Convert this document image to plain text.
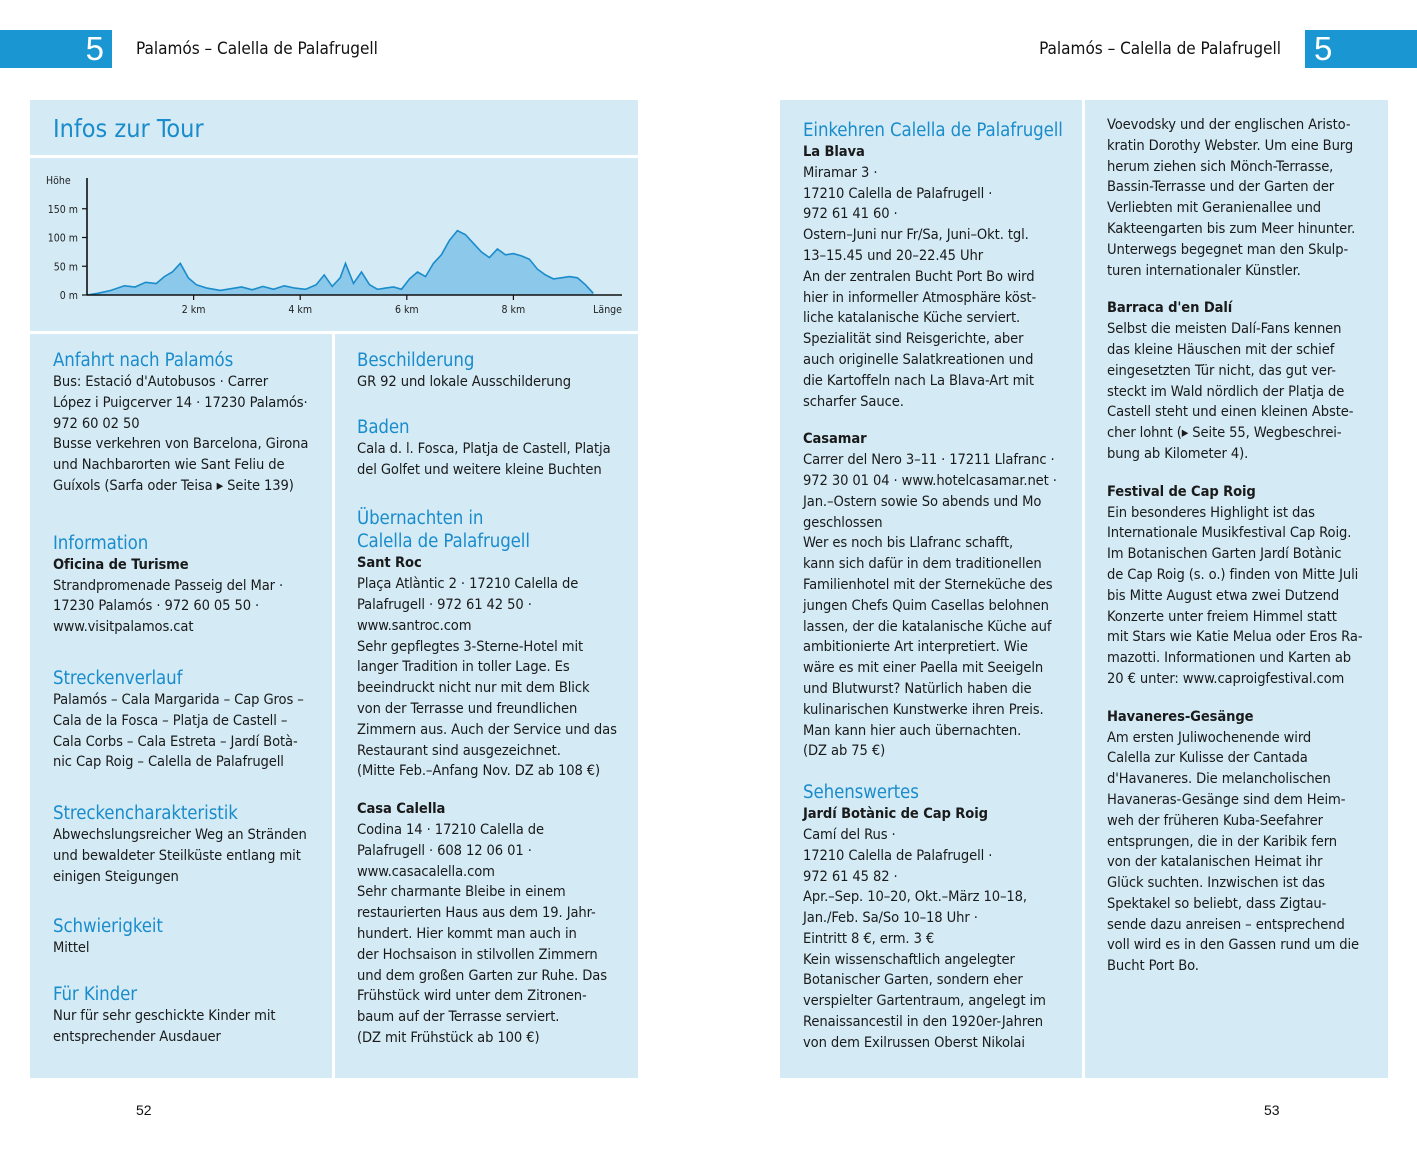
5	Palamós – Calella de Palafrugell	Palamós – Calella de Palafrugell 5
Infos zur Tour
150 m
100 m
50 m
0 m
2 km	4 km	6 km	8 km
Höhe
Länge

Anfahrt nach Palamós

Bus: Estació d'Autobusos · Carrer

López i Puigcerver 14 · 17230 Palamós·

972 60 02 50

Busse verkehren von Barcelona, Girona

und Nachbarorten wie Sant Feliu de

Guíxols (Sarfa oder Teisa ▸ Seite 139)

Information

Oficina de Turisme

Strandpromenade Passeig del Mar ·

17230 Palamós · 972 60 05 50 ·

www.visitpalamos.cat

Streckenverlauf

Palamós – Cala Margarida – Cap Gros –

Cala de la Fosca – Platja de Castell –

Cala Corbs – Cala Estreta – Jardí Botà-

nic Cap Roig – Calella de Palafrugell

Streckencharakteristik

Abwechslungsreicher Weg an Stränden

und bewaldeter Steilküste entlang mit

einigen Steigungen

Schwierigkeit

Mittel

Für Kinder

Nur für sehr geschickte Kinder mit

entsprechender Ausdauer

Beschilderung

GR 92 und lokale Ausschilderung

Baden

Cala d. l. Fosca, Platja de Castell, Platja

del Golfet und weitere kleine Buchten

Übernachten in

Calella de Palafrugell

Sant Roc

Plaça Atlàntic 2 · 17210 Calella de

Palafrugell · 972 61 42 50 ·

www.santroc.com

Sehr gepflegtes 3-Sterne-Hotel mit

langer Tradition in toller Lage. Es

beeindruckt nicht nur mit dem Blick

von der Terrasse und freundlichen

Zimmern aus. Auch der Service und das

Restaurant sind ausgezeichnet.

(Mitte Feb.–Anfang Nov. DZ ab 108 €)

Casa Calella

Codina 14 · 17210 Calella de

Palafrugell · 608 12 06 01 ·

www.casacalella.com

Sehr charmante Bleibe in einem

restaurierten Haus aus dem 19. Jahr-

hundert. Hier kommt man auch in

der Hochsaison in stilvollen Zimmern

und dem großen Garten zur Ruhe. Das

Frühstück wird unter dem Zitronen-

baum auf der Terrasse serviert.

(DZ mit Frühstück ab 100 €)

52

Einkehren Calella de Palafrugell

La Blava

Miramar 3 ·

17210 Calella de Palafrugell ·

972 61 41 60 ·

Ostern–Juni nur Fr/Sa, Juni–Okt. tgl.

13–15.45 und 20–22.45 Uhr

An der zentralen Bucht Port Bo wird

hier in informeller Atmosphäre köst-

liche katalanische Küche serviert.

Spezialität sind Reisgerichte, aber

auch originelle Salatkreationen und

die Kartoffeln nach La Blava-Art mit

scharfer Sauce.

Casamar

Carrer del Nero 3–11 · 17211 Llafranc ·

972 30 01 04 · www.hotelcasamar.net ·

Jan.–Ostern sowie So abends und Mo

geschlossen

Wer es noch bis Llafranc schafft,

kann sich dafür in dem traditionellen

Familienhotel mit der Sterneküche des

jungen Chefs Quim Casellas belohnen

lassen, der die katalanische Küche auf

ambitionierte Art interpretiert. Wie

wäre es mit einer Paella mit Seeigeln

und Blutwurst? Natürlich haben die

kulinarischen Kunstwerke ihren Preis.

Man kann hier auch übernachten.

(DZ ab 75 €)

Sehenswertes

Jardí Botànic de Cap Roig

Camí del Rus ·

17210 Calella de Palafrugell ·

972 61 45 82 ·

Apr.–Sep. 10–20, Okt.–März 10–18,

Jan./Feb. Sa/So 10–18 Uhr ·

Eintritt 8 €, erm. 3 €

Kein wissenschaftlich angelegter

Botanischer Garten, sondern eher

verspielter Gartentraum, angelegt im

Renaissancestil in den 1920er-Jahren

von dem Exilrussen Oberst Nikolai

Voevodsky und der englischen Aristo-

kratin Dorothy Webster. Um eine Burg

herum ziehen sich Mönch-Terrasse,

Bassin-Terrasse und der Garten der

Verliebten mit Geranienallee und

Kakteengarten bis zum Meer hinunter.

Unterwegs begegnet man den Skulp-

turen internationaler Künstler.

Barraca d'en Dalí

Selbst die meisten Dalí-Fans kennen

das kleine Häuschen mit der schief

eingesetzten Tür nicht, das gut ver-

steckt im Wald nördlich der Platja de

Castell steht und einen kleinen Abste-

cher lohnt (▸ Seite 55, Wegbeschrei-

bung ab Kilometer 4).

Festival de Cap Roig

Ein besonderes Highlight ist das

Internationale Musikfestival Cap Roig.

Im Botanischen Garten Jardí Botànic

de Cap Roig (s. o.) finden von Mitte Juli

bis Mitte August etwa zwei Dutzend

Konzerte unter freiem Himmel statt

mit Stars wie Katie Melua oder Eros Ra-

mazotti. Informationen und Karten ab

20 € unter: www.caproigfestival.com

Havaneres-Gesänge

Am ersten Juliwochenende wird

Calella zur Kulisse der Cantada

d'Havaneres. Die melancholischen

Havaneras-Gesänge sind dem Heim-

weh der früheren Kuba-Seefahrer

entsprungen, die in der Karibik fern

von der katalanischen Heimat ihr

Glück suchten. Inzwischen ist das

Spektakel so beliebt, dass Zigtau-

sende dazu anreisen – entsprechend

voll wird es in den Gassen rund um die

Bucht Port Bo.

53
